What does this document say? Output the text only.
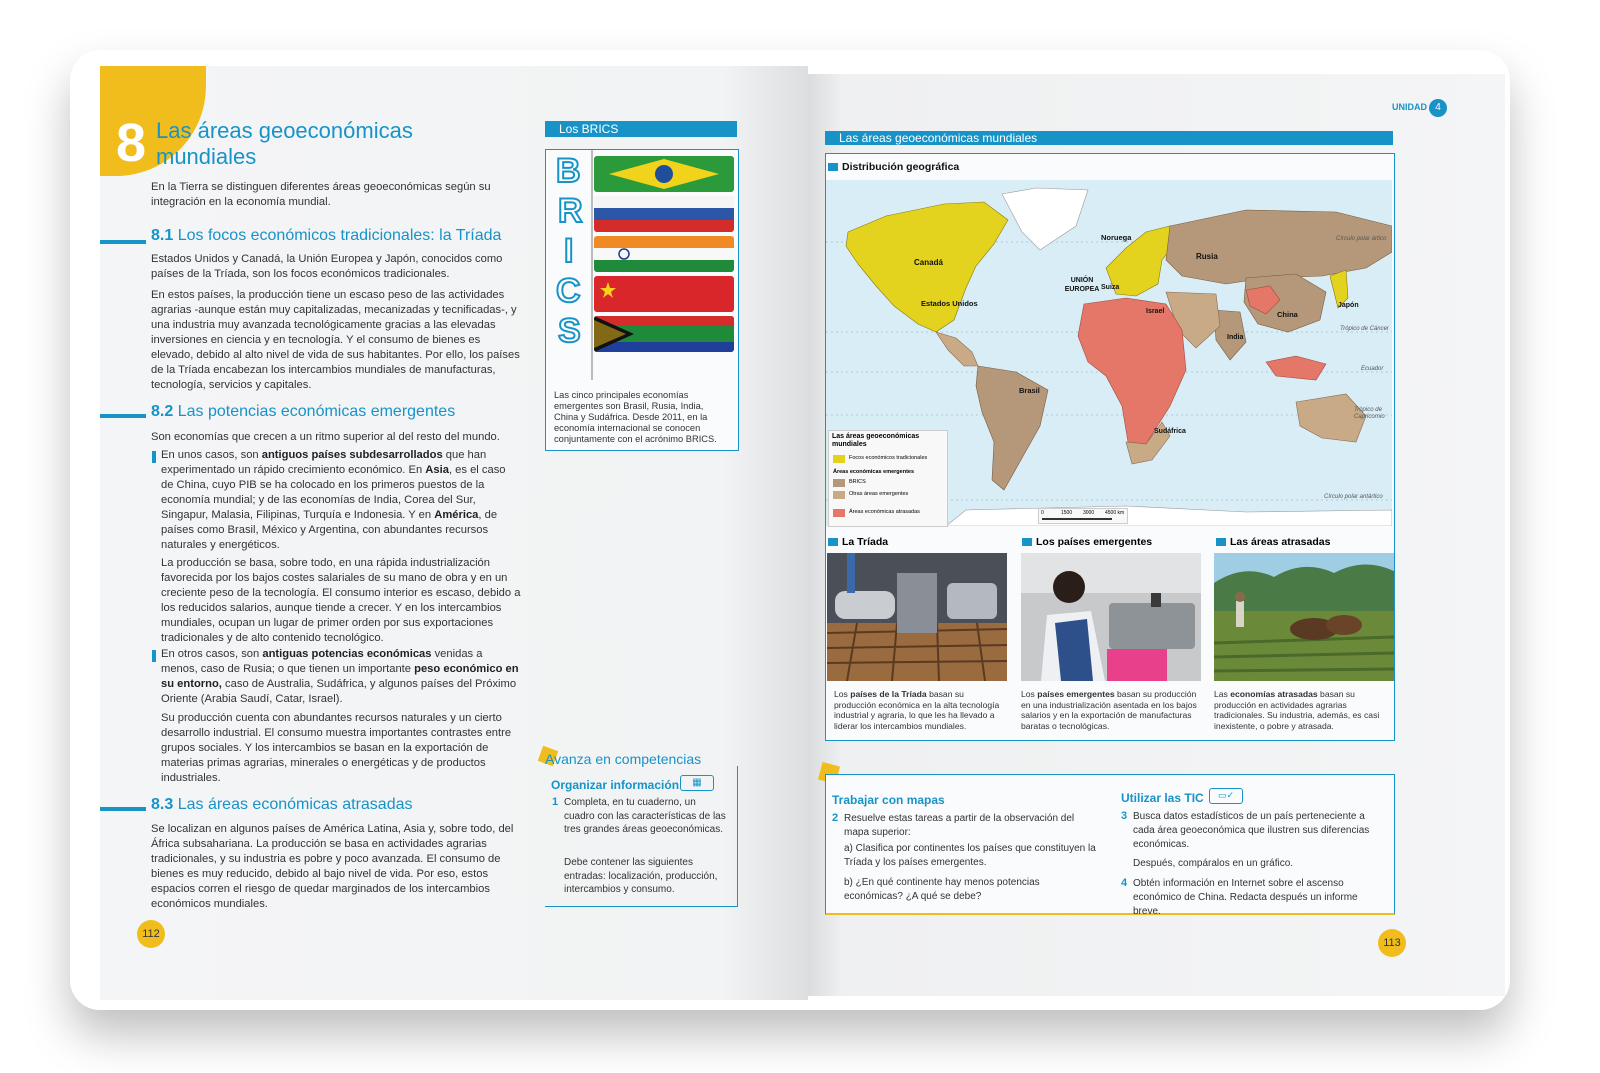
8 Las áreas geoeconómicas mundiales

En la Tierra se distinguen diferentes áreas geoeconómicas según su integración en la economía mundial.

8.1 Los focos económicos tradicionales: la Tríada

Estados Unidos y Canadá, la Unión Europea y Japón, conocidos como países de la Tríada, son los focos económicos tradicionales.

En estos países, la producción tiene un escaso peso de las actividades agrarias -aunque están muy capitalizadas, mecanizadas y tecnificadas-, y una industria muy avanzada tecnológicamente gracias a las elevadas inversiones en ciencia y en tecnología. Y el consumo de bienes es elevado, debido al alto nivel de vida de sus habitantes. Por ello, los países de la Tríada encabezan los intercambios mundiales de manufacturas, tecnología, servicios y capitales.

8.2 Las potencias económicas emergentes

Son economías que crecen a un ritmo superior al del resto del mundo.

En unos casos, son antiguos países subdesarrollados que han experimentado un rápido crecimiento económico. En Asia, es el caso de China, cuyo PIB se ha colocado en los primeros puestos de la economía mundial; y de las economías de India, Corea del Sur, Singapur, Malasia, Filipinas, Turquía e Indonesia. Y en América, de países como Brasil, México y Argentina, con abundantes recursos naturales y energéticos.

La producción se basa, sobre todo, en una rápida industrialización favorecida por los bajos costes salariales de su mano de obra y en un creciente peso de la tecnología. El consumo interior es escaso, debido a los reducidos salarios, aunque tiende a crecer. Y en los intercambios mundiales, ocupan un lugar de primer orden por sus exportaciones tradicionales y de alto contenido tecnológico.

En otros casos, son antiguas potencias económicas venidas a menos, caso de Rusia; o que tienen un importante peso económico en su entorno, caso de Australia, Sudáfrica, y algunos países del Próximo Oriente (Arabia Saudí, Catar, Israel).

Su producción cuenta con abundantes recursos naturales y un cierto desarrollo industrial. El consumo muestra importantes contrastes entre grupos sociales. Y los intercambios se basan en la exportación de materias primas agrarias, minerales o energéticas y de productos industriales.

8.3 Las áreas económicas atrasadas

Se localizan en algunos países de América Latina, Asia y, sobre todo, del África subsahariana. La producción se basa en actividades agrarias tradicionales, y su industria es pobre y poco avanzada. El consumo de bienes es muy reducido, debido al bajo nivel de vida. Por eso, estos espacios corren el riesgo de quedar marginados de los intercambios económicos mundiales.

112
Los BRICS
B
R
I
C
S

Las cinco principales economías emergentes son Brasil, Rusia, India, China y Sudáfrica. Desde 2011, en la economía internacional se conocen conjuntamente con el acrónimo BRICS.

Avanza en competencias
Organizar información	▦
1 Completa, en tu cuaderno, un cuadro con las características de las tres grandes áreas geoeconómicas.

Debe contener las siguientes entradas: localización, producción, intercambios y consumo.

UNIDAD 4
Las áreas geoeconómicas mundiales
Distribución geográfica
Canadá
Estados Unidos
Noruega
Rusia
UNIÓN EUROPEA Suiza
Israel	China
Japón
India
Brasil
Sudáfrica
Círculo polar ártico
Trópico de Cáncer
Ecuador
Trópico de Capricornio
Círculo polar antártico
Las áreas geoeconómicas mundiales
Focos económicos tradicionales
Áreas económicas emergentes
BRICS
Otras áreas emergentes
Áreas económicas atrasadas	0	1500 3000 4500 km
La Tríada	Los países emergentes	Las áreas atrasadas

Los países de la Tríada basan su producción económica en la alta tecnología industrial y agraria, lo que les ha llevado a liderar los intercambios mundiales.

Los países emergentes basan su producción en una industrialización asentada en los bajos salarios y en la exportación de manufacturas baratas o tecnológicas.

Las economías atrasadas basan su producción en actividades agrarias tradicionales. Su industria, además, es casi inexistente, o pobre y atrasada.

Trabajar con mapas
2 Resuelve estas tareas a partir de la observación del mapa superior:

a) Clasifica por continentes los países que constituyen la Tríada y los países emergentes.

b) ¿En qué continente hay menos potencias económicas? ¿A qué se debe?

Utilizar las TIC	▭✓
3 Busca datos estadísticos de un país perteneciente a cada área geoeconómica que ilustren sus diferencias económicas.

Después, compáralos en un gráfico.

4 Obtén información en Internet sobre el ascenso económico de China. Redacta después un informe breve.

113
